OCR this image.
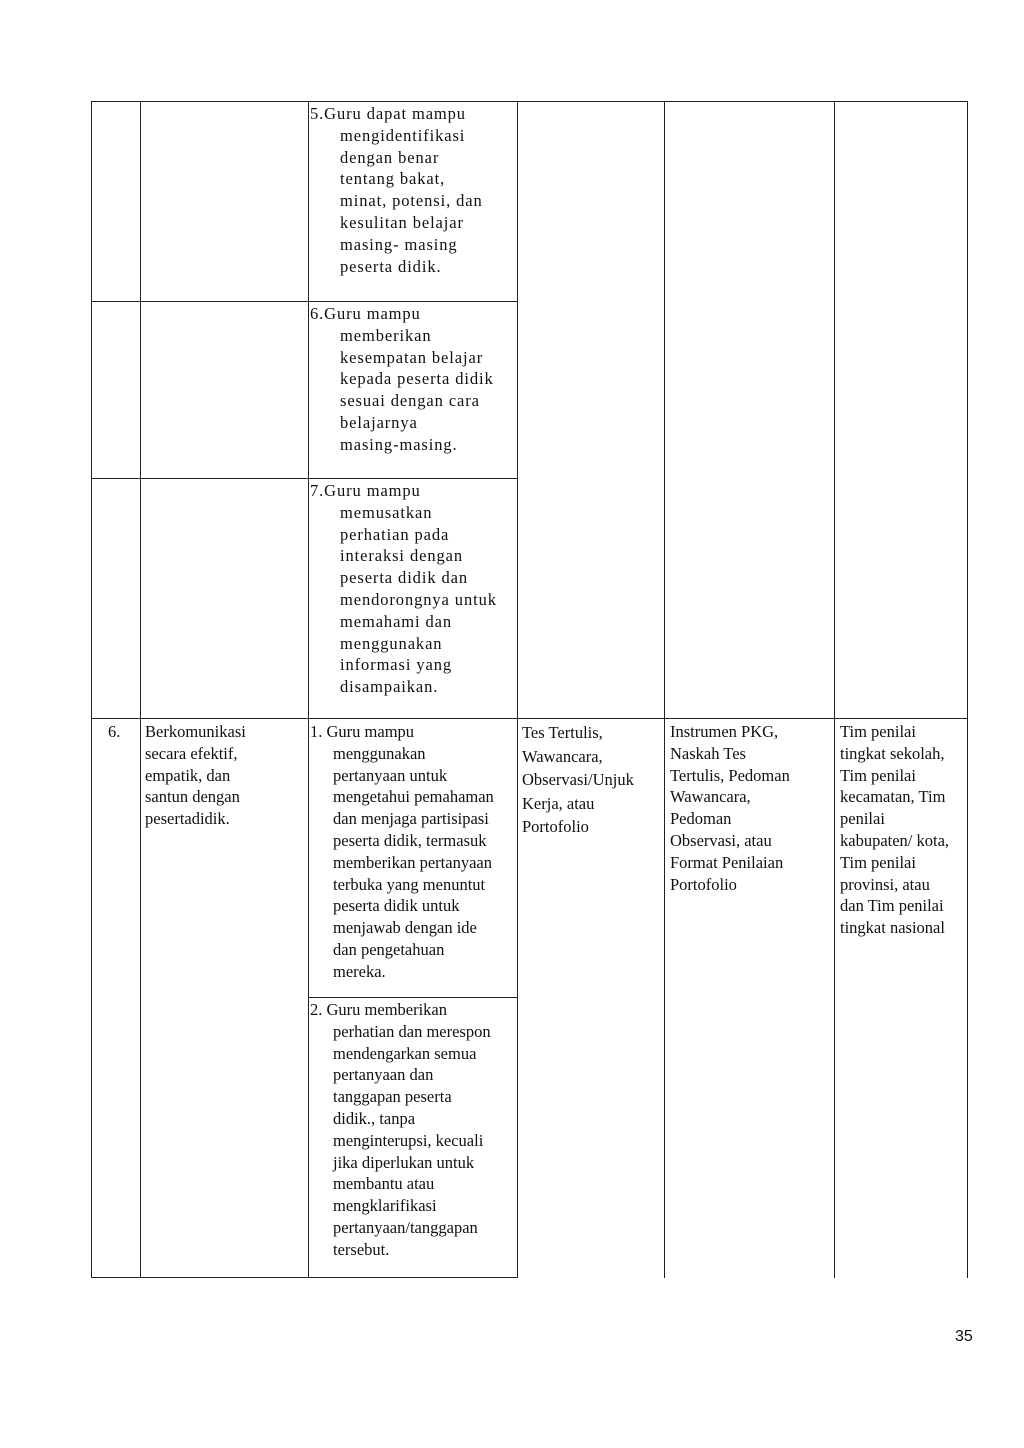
5.Guru dapat mampu
mengidentifikasi
dengan benar
tentang bakat,
minat, potensi, dan
kesulitan belajar
masing- masing
peserta didik.
6.Guru mampu
memberikan
kesempatan belajar
kepada peserta didik
sesuai dengan cara
belajarnya
masing-masing.
7.Guru mampu
memusatkan
perhatian pada
interaksi dengan
peserta didik dan
mendorongnya untuk
memahami dan
menggunakan
informasi yang
disampaikan.
6. Berkomunikasi
secara efektif,
empatik, dan
santun dengan
pesertadidik.
1. Guru mampu
menggunakan
pertanyaan untuk
mengetahui pemahaman
dan menjaga partisipasi
peserta didik, termasuk
memberikan pertanyaan
terbuka yang menuntut
peserta didik untuk
menjawab dengan ide
dan pengetahuan
mereka.
2. Guru memberikan
perhatian dan merespon
mendengarkan semua
pertanyaan dan
tanggapan peserta
didik., tanpa
menginterupsi, kecuali
jika diperlukan untuk
membantu atau
mengklarifikasi
pertanyaan/tanggapan
tersebut.
Tes Tertulis,
Wawancara,
Observasi/Unjuk
Kerja, atau
Portofolio
Instrumen PKG,
Naskah Tes
Tertulis, Pedoman
Wawancara,
Pedoman
Observasi, atau
Format Penilaian
Portofolio
Tim penilai
tingkat sekolah,
Tim penilai
kecamatan, Tim
penilai
kabupaten/ kota,
Tim penilai
provinsi, atau
dan Tim penilai
tingkat nasional
35
